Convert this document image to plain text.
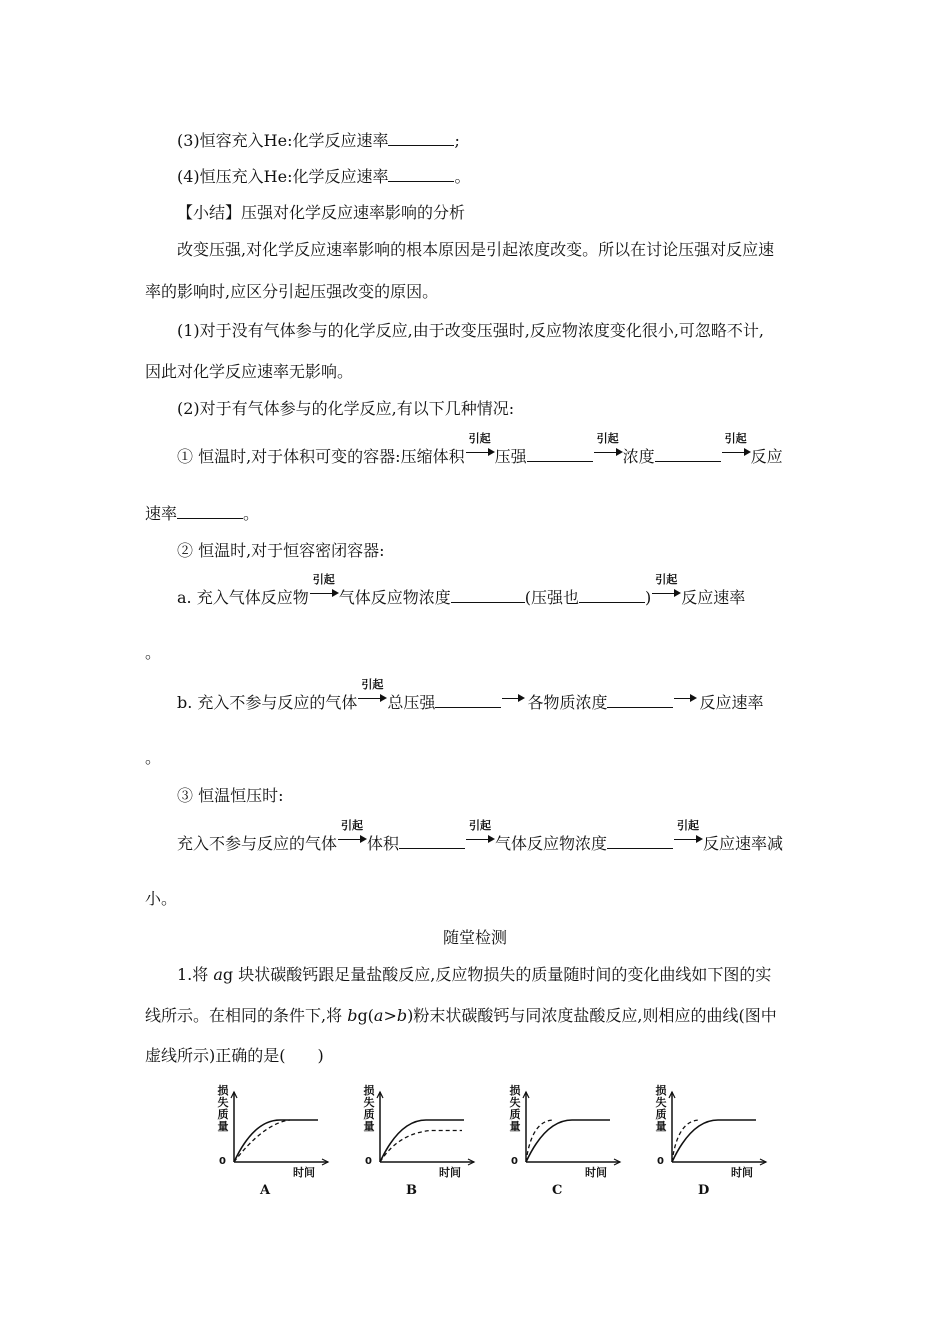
(3)恒容充入He:化学反应速率	;
(4)恒压充入He:化学反应速率	。
【小结】压强对化学反应速率影响的分析
改变压强,对化学反应速率影响的根本原因是引起浓度改变。所以在讨论压强对反应速
率的影响时,应区分引起压强改变的原因。
(1)对于没有气体参与的化学反应,由于改变压强时,反应物浓度变化很小,可忽略不计,
因此对化学反应速率无影响。
(2)对于有气体参与的化学反应,有以下几种情况:
① 恒温时,对于体积可变的容器:压缩体积
引起
压强
引起
浓度
引起
反应
速率	。
② 恒温时,对于恒容密闭容器:
a. 充入气体反应物
引起
气体反应物浓度	(压强也	)
引起
反应速率
。
b. 充入不参与反应的气体
引起
总压强	各物质浓度	反应速率
。
③ 恒温恒压时:
充入不参与反应的气体
引起
体积
引起
气体反应物浓度
引起
反应速率减
小。
随堂检测
1.将 ag 块状碳酸钙跟足量盐酸反应,反应物损失的质量随时间的变化曲线如下图的实
线所示。在相同的条件下,将 bg(a>b)粉末状碳酸钙与同浓度盐酸反应,则相应的曲线(图中
虚线所示)正确的是(　　)
损失质量
0
时间
A
损失质量
0
时间
B
损失质量
0
时间
C
损失质量
0
时间
D
